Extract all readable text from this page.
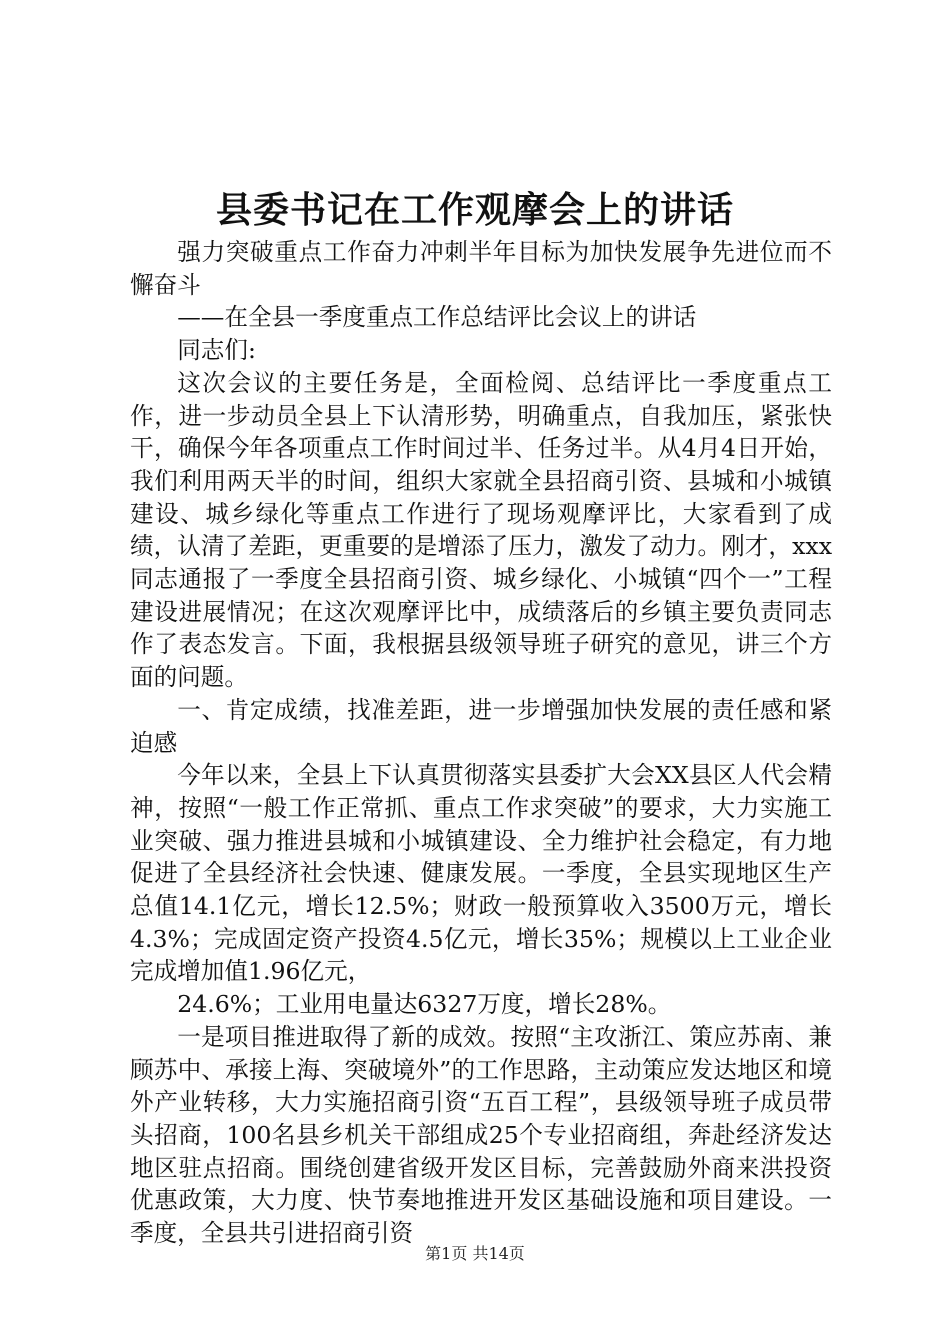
县委书记在工作观摩会上的讲话

强力突破重点工作奋力冲刺半年目标为加快发展争先进位而不懈奋斗

——在全县一季度重点工作总结评比会议上的讲话

同志们:

这次会议的主要任务是，全面检阅、总结评比一季度重点工作，进一步动员全县上下认清形势，明确重点，自我加压，紧张快干，确保今年各项重点工作时间过半、任务过半。从4月4日开始，我们利用两天半的时间，组织大家就全县招商引资、县城和小城镇建设、城乡绿化等重点工作进行了现场观摩评比，大家看到了成绩，认清了差距，更重要的是增添了压力，激发了动力。刚才，xxx同志通报了一季度全县招商引资、城乡绿化、小城镇“四个一”工程建设进展情况；在这次观摩评比中，成绩落后的乡镇主要负责同志作了表态发言。下面，我根据县级领导班子研究的意见，讲三个方面的问题。

一、肯定成绩，找准差距，进一步增强加快发展的责任感和紧迫感

今年以来，全县上下认真贯彻落实县委扩大会XX县区人代会精神，按照“一般工作正常抓、重点工作求突破”的要求，大力实施工业突破、强力推进县城和小城镇建设、全力维护社会稳定，有力地促进了全县经济社会快速、健康发展。一季度，全县实现地区生产总值14.1亿元，增长12.5%；财政一般预算收入3500万元，增长4.3%；完成固定资产投资4.5亿元，增长35%；规模以上工业企业完成增加值1.96亿元，

24.6%；工业用电量达6327万度，增长28%。

一是项目推进取得了新的成效。按照“主攻浙江、策应苏南、兼顾苏中、承接上海、突破境外”的工作思路，主动策应发达地区和境外产业转移，大力实施招商引资“五百工程”，县级领导班子成员带头招商，100名县乡机关干部组成25个专业招商组，奔赴经济发达地区驻点招商。围绕创建省级开发区目标，完善鼓励外商来洪投资优惠政策，大力度、快节奏地推进开发区基础设施和项目建设。一季度，全县共引进招商引资

第1页 共14页
